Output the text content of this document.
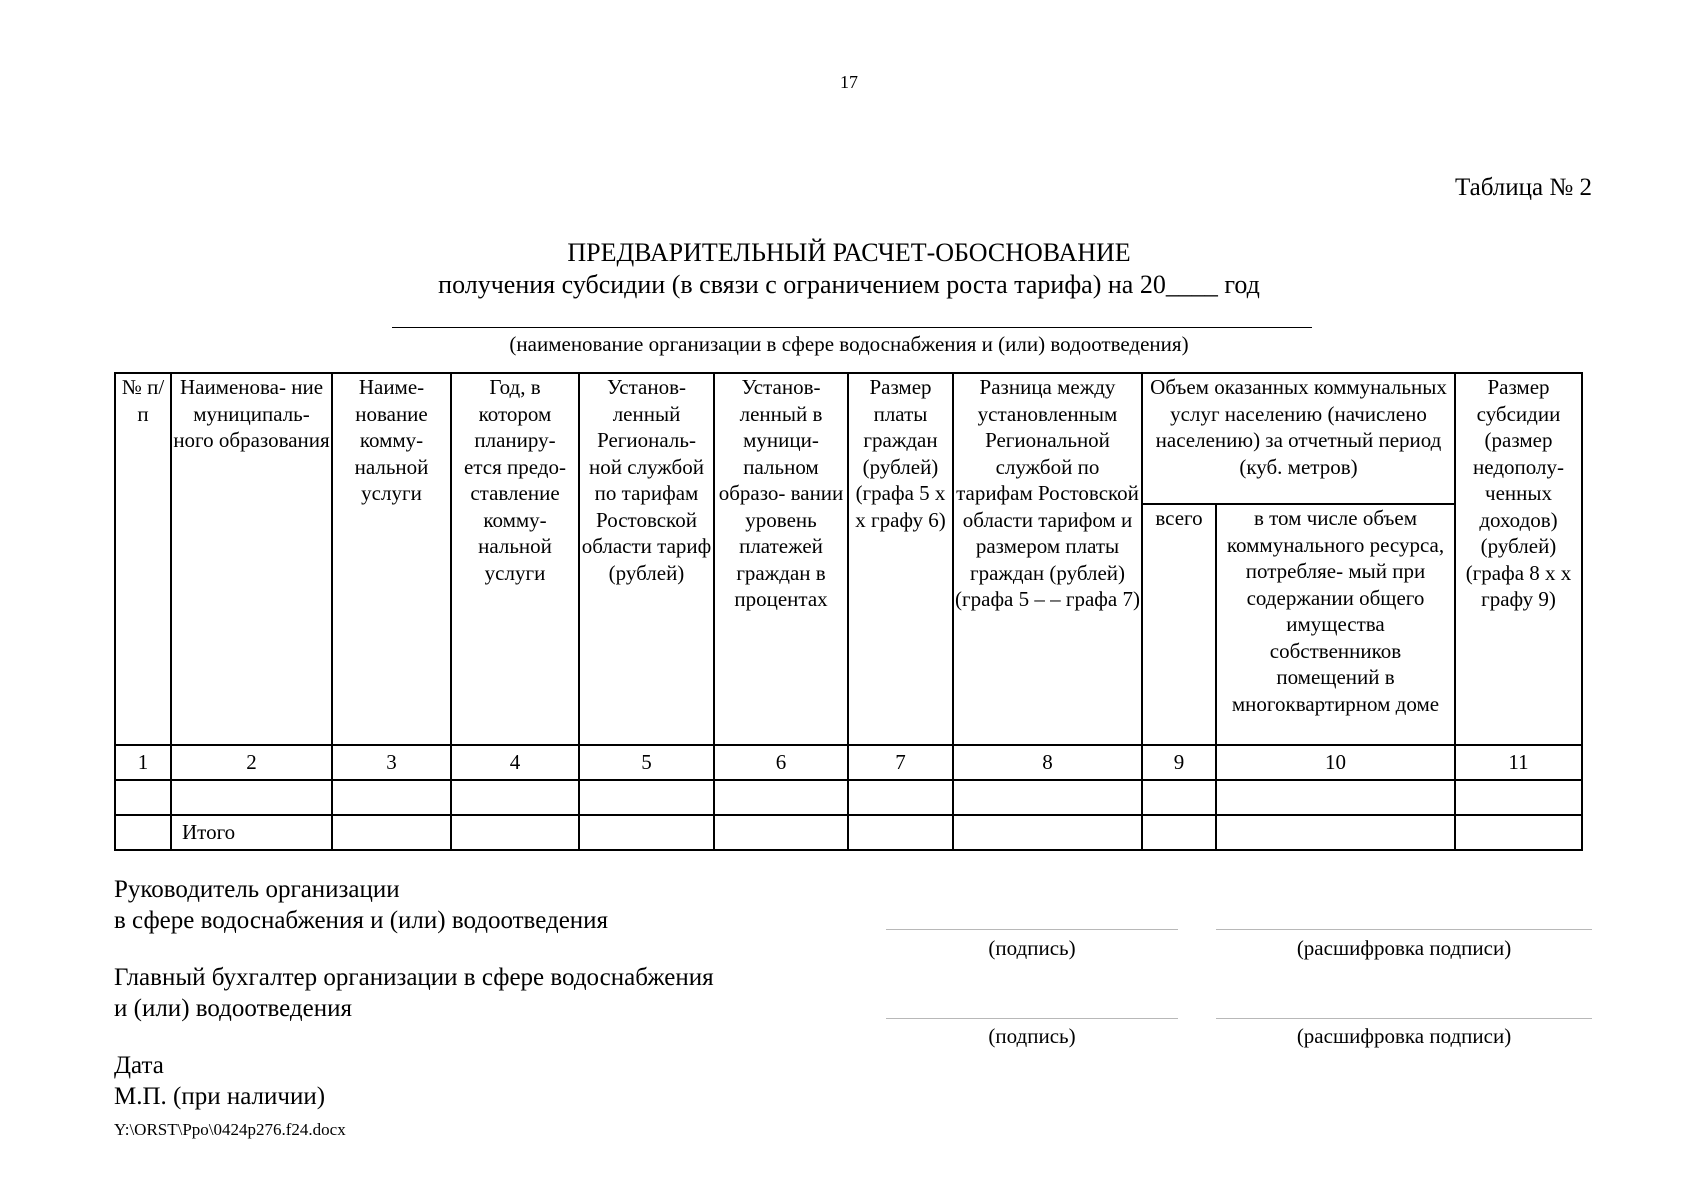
17
Таблица № 2
ПРЕДВАРИТЕЛЬНЫЙ РАСЧЕТ-ОБОСНОВАНИЕ
получения субсидии (в связи с ограничением роста тарифа) на 20____ год
(наименование организации в сфере водоснабжения и (или) водоотведения)
№ п/п	Наименова- ние муниципаль- ного образования	Наиме- нование комму- нальной услуги	Год, в котором планиру- ется предо- ставление комму- нальной услуги	Установ- ленный Региональ- ной службой по тарифам Ростовской области тариф (рублей)	Установ- ленный в муници- пальном образо- вании уровень платежей граждан в процентах	Размер платы граждан (рублей) (графа 5 х х графу 6)	Разница между установленным Региональной службой по тарифам Ростовской области тарифом и размером платы граждан (рублей) (графа 5 – – графа 7)	Объем оказанных коммунальных услуг населению (начислено населению) за отчетный период (куб. метров)		Размер субсидии (размер недополу- ченных доходов) (рублей) (графа 8 х х графу 9)
								всего	в том числе объем коммунального ресурса, потребляе- мый при содержании общего имущества собственников помещений в многоквартирном доме	
1	2	3	4	5	6	7	8	9	10	11

	Итого									
Руководитель организации
в сфере водоснабжения и (или) водоотведения
(подпись)	(расшифровка подписи)
Главный бухгалтер организации в сфере водоснабжения
и (или) водоотведения
(подпись)	(расшифровка подписи)
Дата
М.П. (при наличии)
Y:\ORST\Ppo\0424p276.f24.docx
